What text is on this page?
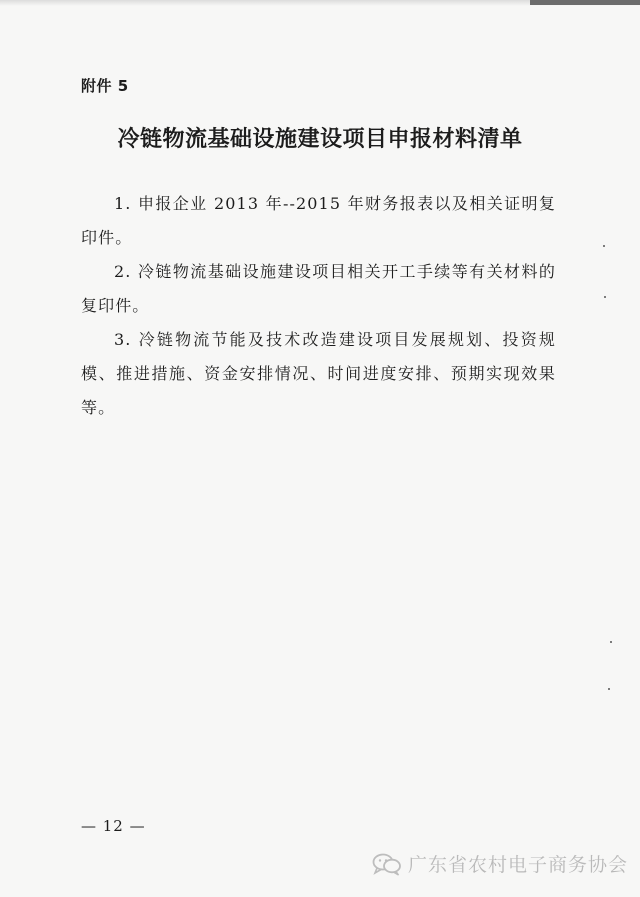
附件 5
冷链物流基础设施建设项目申报材料清单
1. 申报企业 2013 年--2015 年财务报表以及相关证明复印件。
2. 冷链物流基础设施建设项目相关开工手续等有关材料的复印件。
3. 冷链物流节能及技术改造建设项目发展规划、投资规模、推进措施、资金安排情况、时间进度安排、预期实现效果等。
— 12 —
广东省农村电子商务协会
